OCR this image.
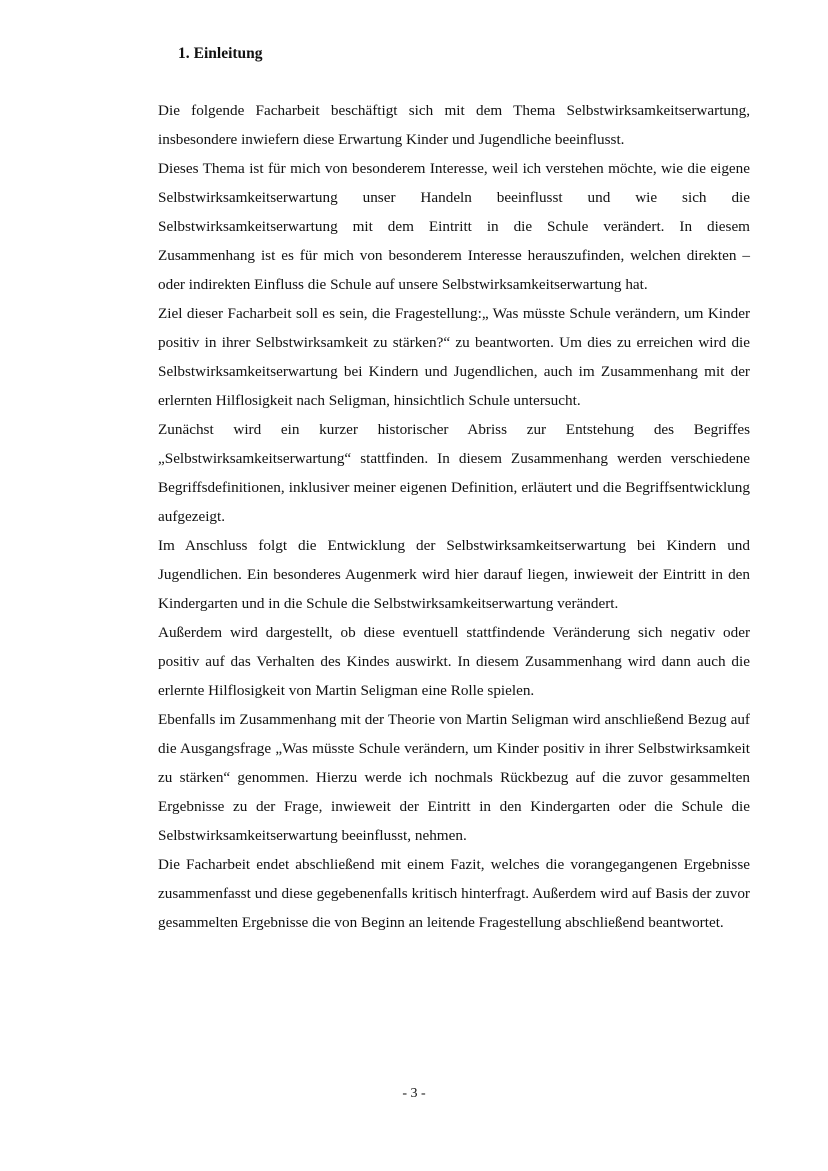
1. Einleitung

Die folgende Facharbeit beschäftigt sich mit dem Thema Selbstwirksamkeitserwartung, insbesondere inwiefern diese Erwartung Kinder und Jugendliche beeinflusst.

Dieses Thema ist für mich von besonderem Interesse, weil ich verstehen möchte, wie die eigene Selbstwirksamkeitserwartung unser Handeln beeinflusst und wie sich die Selbstwirksamkeitserwartung mit dem Eintritt in die Schule verändert. In diesem Zusammenhang ist es für mich von besonderem Interesse herauszufinden, welchen direkten – oder indirekten Einfluss die Schule auf unsere Selbstwirksamkeitserwartung hat.

Ziel dieser Facharbeit soll es sein, die Fragestellung:„ Was müsste Schule verändern, um Kinder positiv in ihrer Selbstwirksamkeit zu stärken?“ zu beantworten. Um dies zu erreichen wird die Selbstwirksamkeitserwartung bei Kindern und Jugendlichen, auch im Zusammenhang mit der erlernten Hilflosigkeit nach Seligman, hinsichtlich Schule untersucht.

Zunächst wird ein kurzer historischer Abriss zur Entstehung des Begriffes „Selbstwirksamkeitserwartung“ stattfinden. In diesem Zusammenhang werden verschiedene Begriffsdefinitionen, inklusiver meiner eigenen Definition, erläutert und die Begriffsentwicklung aufgezeigt.

Im Anschluss folgt die Entwicklung der Selbstwirksamkeitserwartung bei Kindern und Jugendlichen. Ein besonderes Augenmerk wird hier darauf liegen, inwieweit der Eintritt in den Kindergarten und in die Schule die Selbstwirksamkeitserwartung verändert.

Außerdem wird dargestellt, ob diese eventuell stattfindende Veränderung sich negativ oder positiv auf das Verhalten des Kindes auswirkt. In diesem Zusammenhang wird dann auch die erlernte Hilflosigkeit von Martin Seligman eine Rolle spielen.

Ebenfalls im Zusammenhang mit der Theorie von Martin Seligman wird anschließend Bezug auf die Ausgangsfrage „Was müsste Schule verändern, um Kinder positiv in ihrer Selbstwirksamkeit zu stärken“ genommen. Hierzu werde ich nochmals Rückbezug auf die zuvor gesammelten Ergebnisse zu der Frage, inwieweit der Eintritt in den Kindergarten oder die Schule die Selbstwirksamkeitserwartung beeinflusst, nehmen.

Die Facharbeit endet abschließend mit einem Fazit, welches die vorangegangenen Ergebnisse zusammenfasst und diese gegebenenfalls kritisch hinterfragt. Außerdem wird auf Basis der zuvor gesammelten Ergebnisse die von Beginn an leitende Fragestellung abschließend beantwortet.

- 3 -
